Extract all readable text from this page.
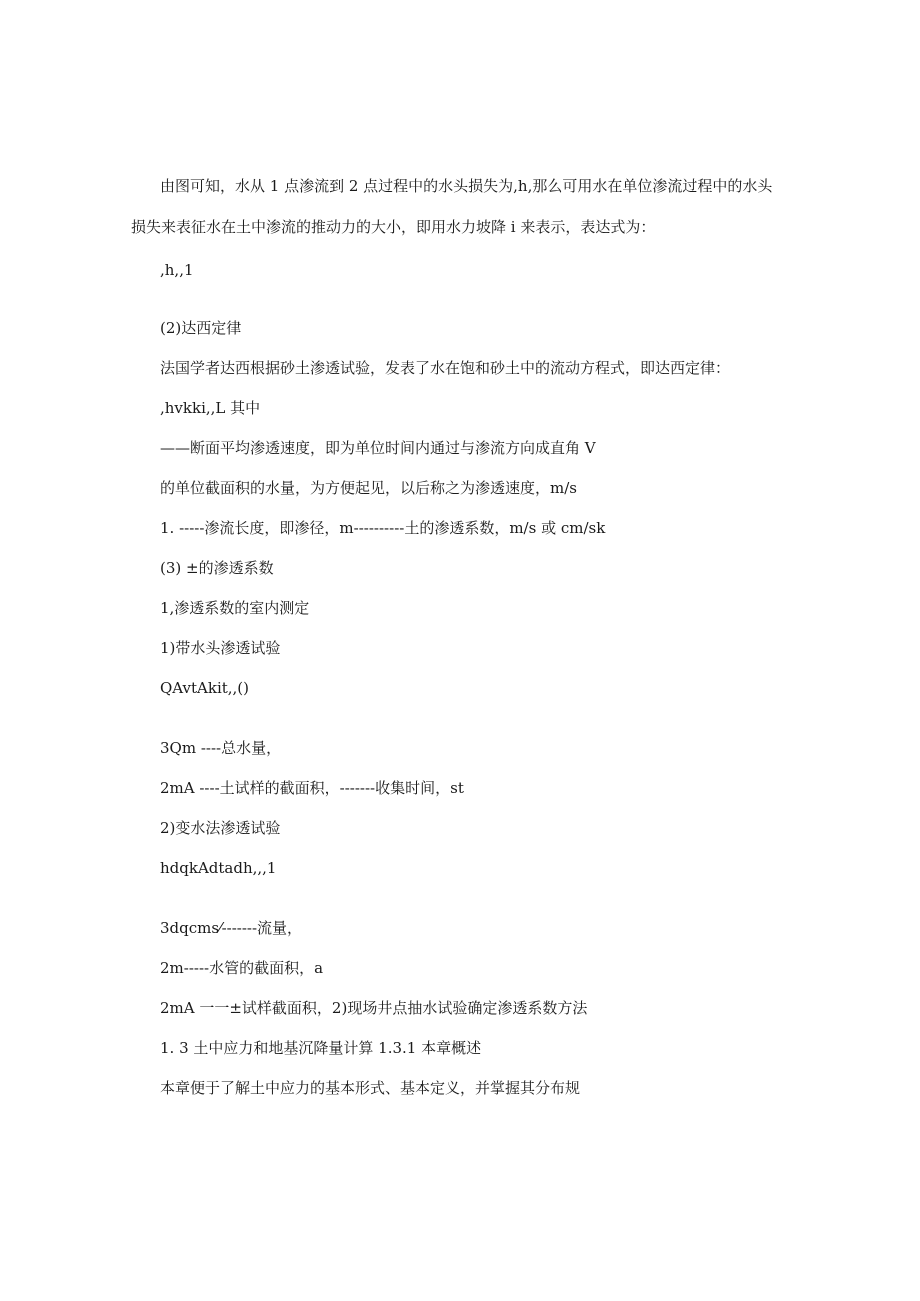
由图可知，水从 1 点渗流到 2 点过程中的水头损失为,h,那么可用水在单位渗流过程中的水头
损失来表征水在土中渗流的推动力的大小，即用水力坡降 i 来表示，表达式为：
,h,,1
(2)达西定律
法国学者达西根据砂土渗透试验，发表了水在饱和砂土中的流动方程式，即达西定律：
,hvkki,,L 其中
——断面平均渗透速度，即为单位时间内通过与渗流方向成直角 V
的单位截面积的水量，为方便起见，以后称之为渗透速度，m/s
1. -----渗流长度，即渗径，m----------土的渗透系数，m/s 或 cm/sk
(3) ±的渗透系数
1,渗透系数的室内测定
1)带水头渗透试验
QAvtAkit,,()
3Qm ----总水量，
2mA ----土试样的截面积，-------收集时间，st
2)变水法渗透试验
hdqkAdtadh,,,1
3dqcms⁄-------流量，
2m-----水管的截面积，a
2mA 一一±试样截面积，2)现场井点抽水试验确定渗透系数方法
1. 3 土中应力和地基沉降量计算 1.3.1 本章概述
本章便于了解土中应力的基本形式、基本定义，并掌握其分布规
